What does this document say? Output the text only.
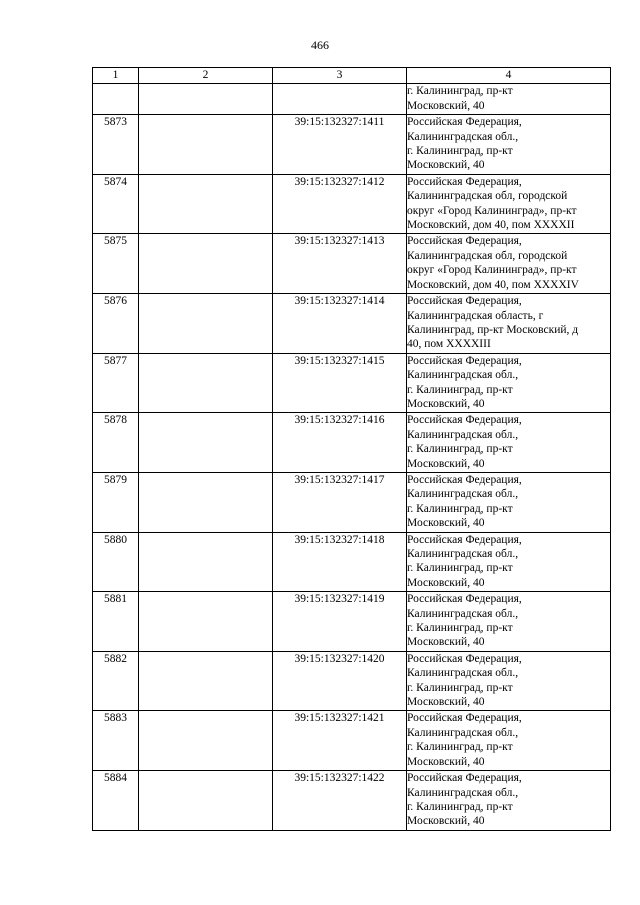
466
1	2	3	4

			г. Калининград, пр-кт
Московский, 40

5873		39:15:132327:1411	Российская Федерация,
Калининградская обл.,
г. Калининград, пр-кт
Московский, 40

5874		39:15:132327:1412	Российская Федерация,
Калининградская обл, городской
округ «Город Калининград», пр-кт
Московский, дом 40, пом XXXXII

5875		39:15:132327:1413	Российская Федерация,
Калининградская обл, городской
округ «Город Калининград», пр-кт
Московский, дом 40, пом XXXXIV

5876		39:15:132327:1414	Российская Федерация,
Калининградская область, г
Калининград, пр-кт Московский, д
40, пом XXXXIII

5877		39:15:132327:1415	Российская Федерация,
Калининградская обл.,
г. Калининград, пр-кт
Московский, 40

5878		39:15:132327:1416	Российская Федерация,
Калининградская обл.,
г. Калининград, пр-кт
Московский, 40

5879		39:15:132327:1417	Российская Федерация,
Калининградская обл.,
г. Калининград, пр-кт
Московский, 40

5880		39:15:132327:1418	Российская Федерация,
Калининградская обл.,
г. Калининград, пр-кт
Московский, 40

5881		39:15:132327:1419	Российская Федерация,
Калининградская обл.,
г. Калининград, пр-кт
Московский, 40

5882		39:15:132327:1420	Российская Федерация,
Калининградская обл.,
г. Калининград, пр-кт
Московский, 40

5883		39:15:132327:1421	Российская Федерация,
Калининградская обл.,
г. Калининград, пр-кт
Московский, 40

5884		39:15:132327:1422	Российская Федерация,
Калининградская обл.,
г. Калининград, пр-кт
Московский, 40
